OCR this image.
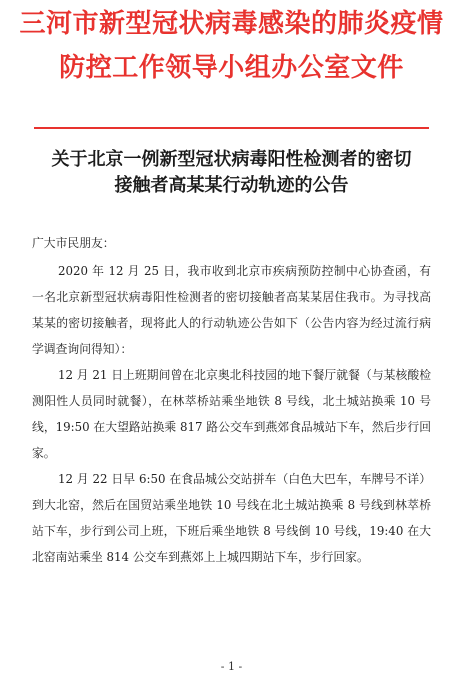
三河市新型冠状病毒感染的肺炎疫情
防控工作领导小组办公室文件
关于北京一例新型冠状病毒阳性检测者的密切
接触者高某某行动轨迹的公告

广大市民朋友：

2020 年 12 月 25 日，我市收到北京市疾病预防控制中心协查函，有一名北京新型冠状病毒阳性检测者的密切接触者高某某居住我市。为寻找高某某的密切接触者，现将此人的行动轨迹公告如下（公告内容为经过流行病学调查询问得知）：

12 月 21 日上班期间曾在北京奥北科技园的地下餐厅就餐（与某核酸检测阳性人员同时就餐），在林萃桥站乘坐地铁 8 号线，北土城站换乘 10 号线，19:50 在大望路站换乘 817 路公交车到燕郊食品城站下车，然后步行回家。

12 月 22 日早 6:50 在食品城公交站拼车（白色大巴车，车牌号不详）到大北窑，然后在国贸站乘坐地铁 10 号线在北土城站换乘 8 号线到林萃桥站下车，步行到公司上班，下班后乘坐地铁 8 号线倒 10 号线，19:40 在大北窑南站乘坐 814 公交车到燕郊上上城四期站下车，步行回家。

- 1 -
